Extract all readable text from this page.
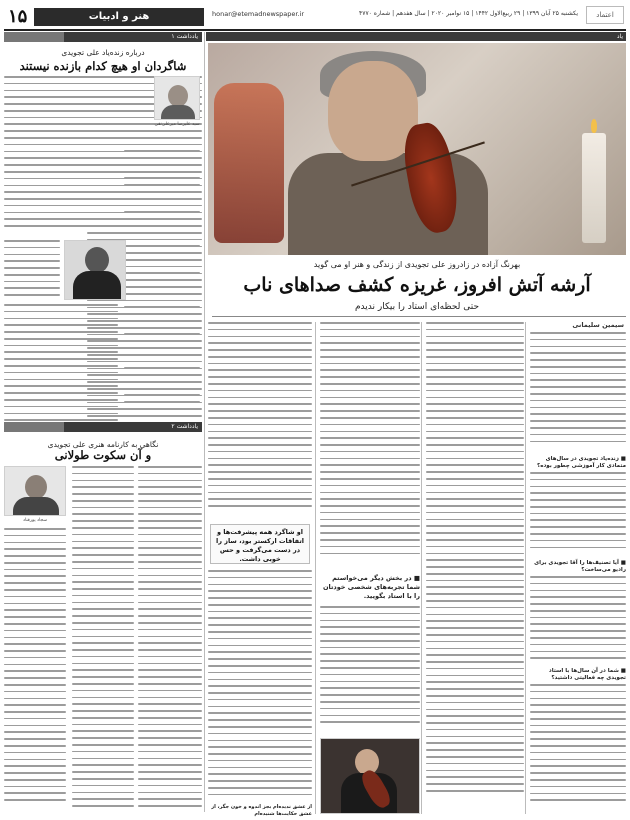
۱۵	هنر و ادبیات	honar@etemadnewspaper.ir	یکشنبه ۲۵ آبان ۱۳۹۹ | ۲۹ ربیع‌الاول ۱۴۴۲ | ۱۵ نوامبر ۲۰۲۰ | سال هفدهم | شماره ۴۷۷۰	اعتماد
یادداشت ۱
درباره زنده‌یاد علی تجویدی
شاگردان او هیچ کدام بازنده نیستند
سید علیرضا میرعلی‌نقی
یادداشت ۲
نگاهی به کارنامه هنری علی تجویدی
و آن سکوت طولانی
سجاد پورقناد
یاد
بهرنگ آزاده در زادروز علی تجویدی از زندگی و هنر او می گوید
آرشه آتش افروز، غریزه کشف صداهای ناب
حتی لحظه‌ای استاد را بیکار ندیدم
سیمین سلیمانی
■ زنده‌یاد تجویدی در سال‌های متمادی کار آموزشی چطور بوده؟
■ آیا تصنیف‌ها را آقا تجویدی برای رادیو می‌ساخت؟
■ شما در آن سال‌ها با استاد تجویدی چه فعالیتی داشتید؟
■ در بخش دیگر می‌خواستم شما تجربه‌های شخصی خودتان را با استاد بگویید.
او شاگرد همه پیشرفت‌ها و اتفاقات ارکستر بود، ساز را در دست می‌گرفت و حس خوبی داشت.
از عشق ندیده‌ام بجز اندوه و خون جگر، از عشق حکایت‌ها شنیده‌ام
